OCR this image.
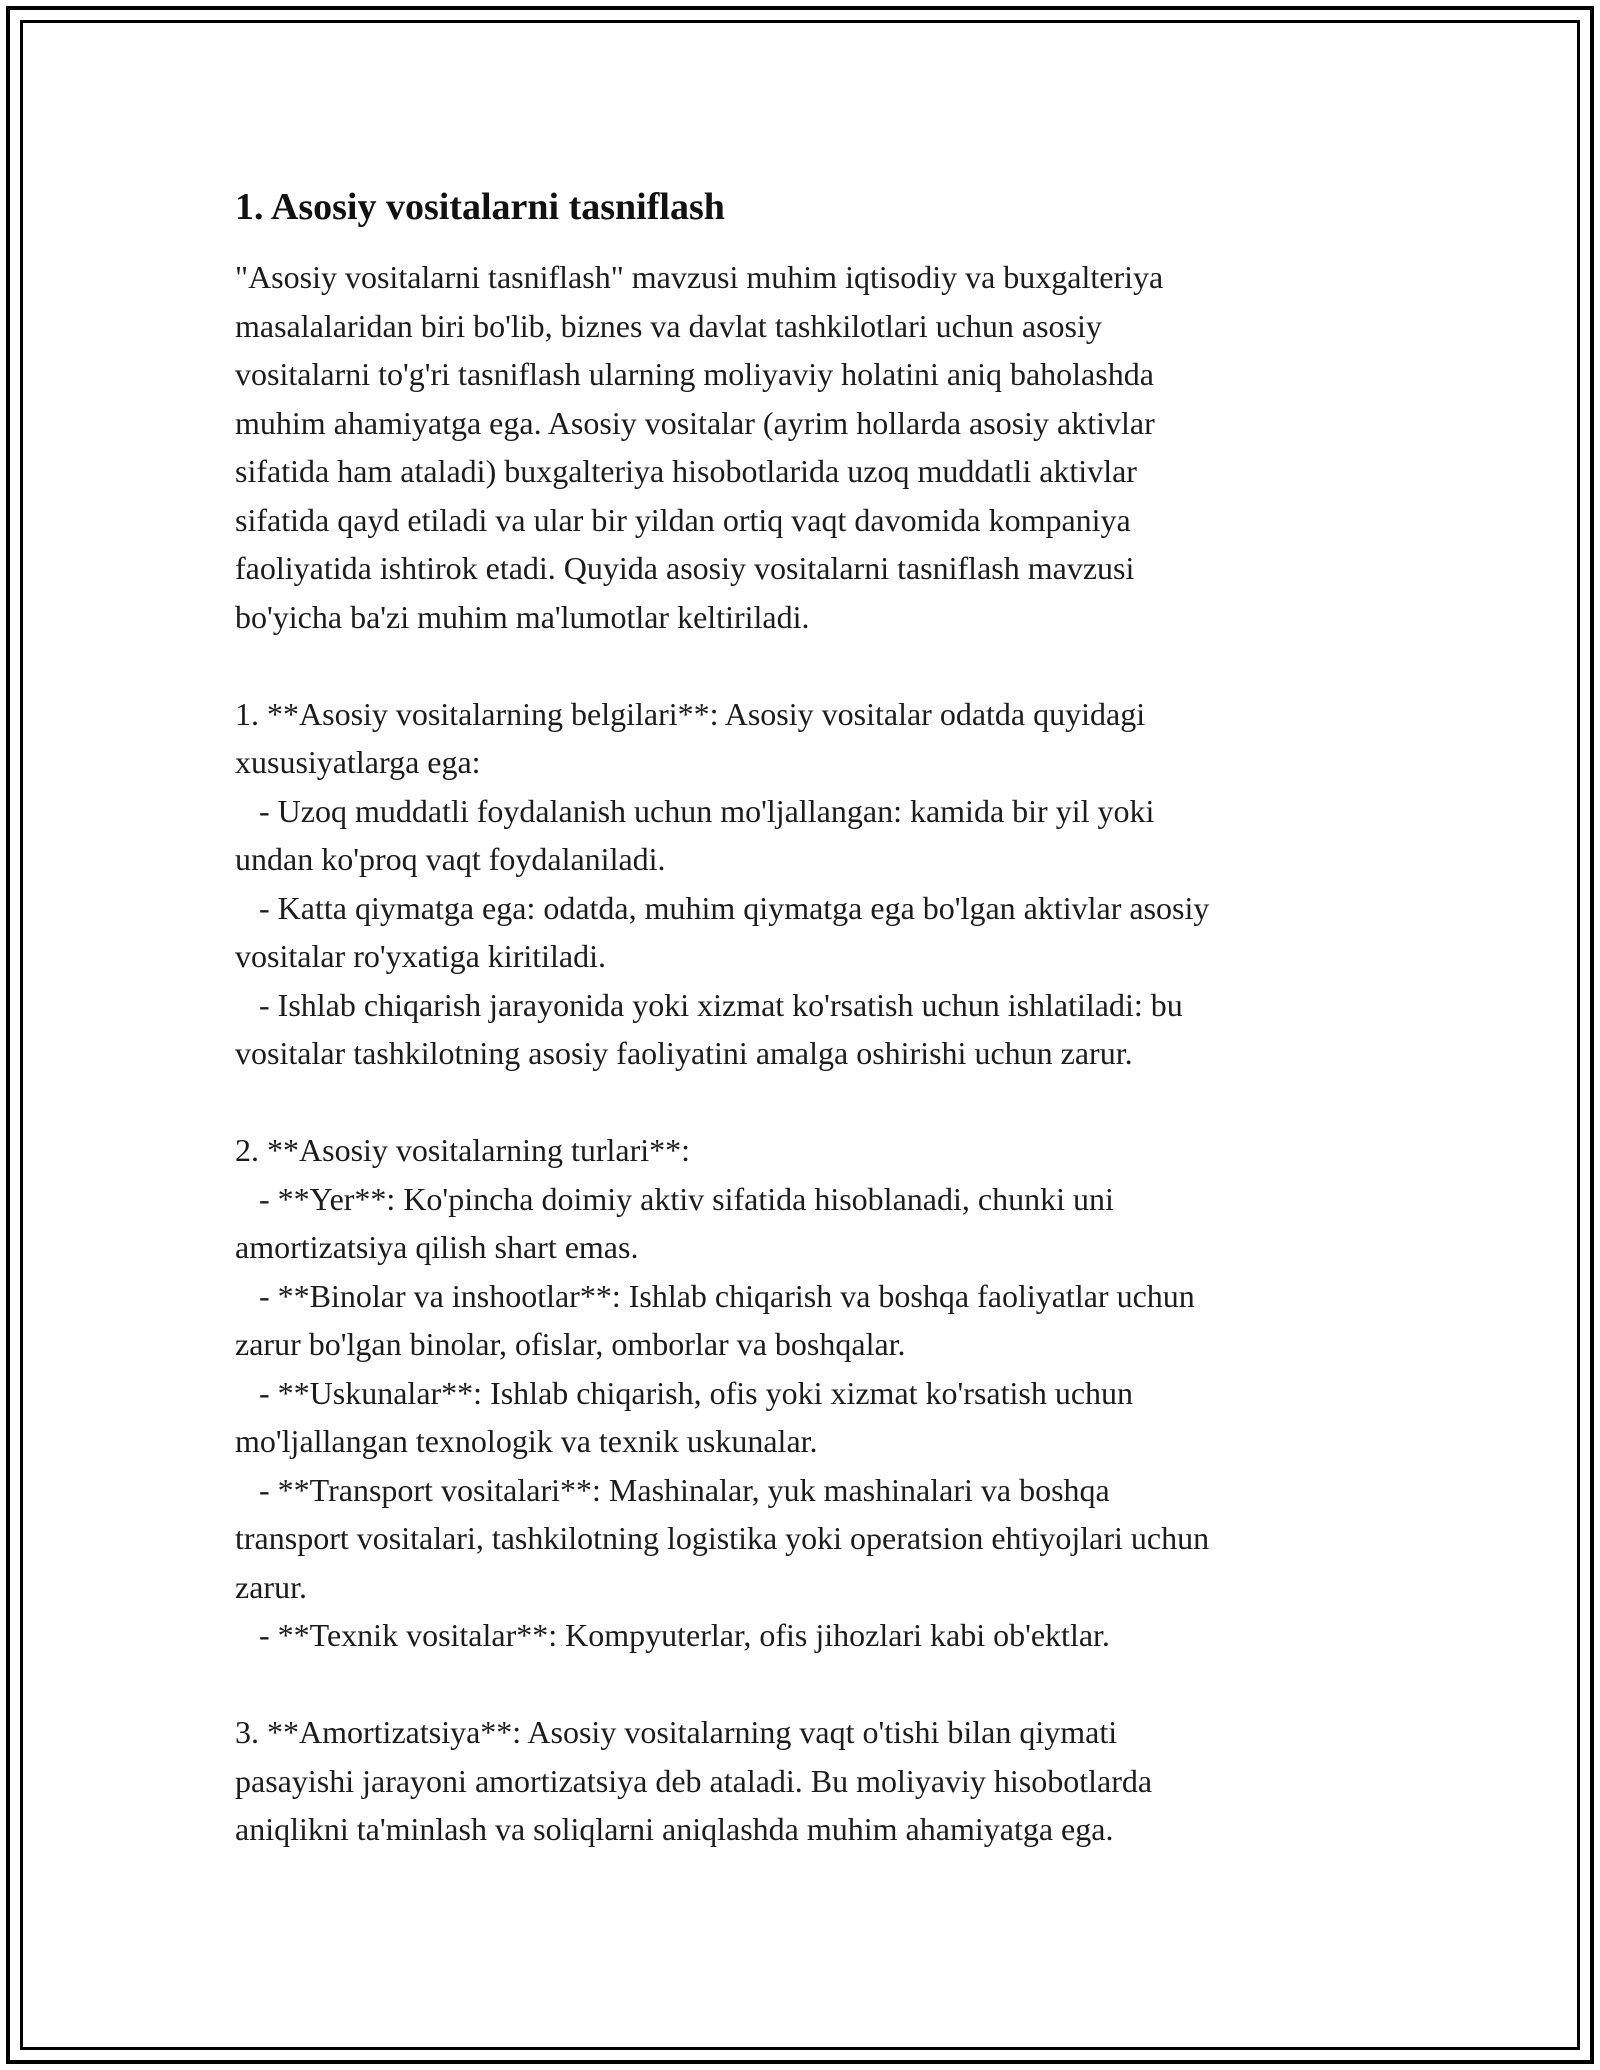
1. Asosiy vositalarni tasniflash

"Asosiy vositalarni tasniflash" mavzusi muhim iqtisodiy va buxgalteriya
masalalaridan biri bo'lib, biznes va davlat tashkilotlari uchun asosiy
vositalarni to'g'ri tasniflash ularning moliyaviy holatini aniq baholashda
muhim ahamiyatga ega. Asosiy vositalar (ayrim hollarda asosiy aktivlar
sifatida ham ataladi) buxgalteriya hisobotlarida uzoq muddatli aktivlar
sifatida qayd etiladi va ular bir yildan ortiq vaqt davomida kompaniya
faoliyatida ishtirok etadi. Quyida asosiy vositalarni tasniflash mavzusi
bo'yicha ba'zi muhim ma'lumotlar keltiriladi.

1. **Asosiy vositalarning belgilari**: Asosiy vositalar odatda quyidagi
xususiyatlarga ega:
- Uzoq muddatli foydalanish uchun mo'ljallangan: kamida bir yil yoki
undan ko'proq vaqt foydalaniladi.
- Katta qiymatga ega: odatda, muhim qiymatga ega bo'lgan aktivlar asosiy
vositalar ro'yxatiga kiritiladi.
- Ishlab chiqarish jarayonida yoki xizmat ko'rsatish uchun ishlatiladi: bu
vositalar tashkilotning asosiy faoliyatini amalga oshirishi uchun zarur.

2. **Asosiy vositalarning turlari**:
- **Yer**: Ko'pincha doimiy aktiv sifatida hisoblanadi, chunki uni
amortizatsiya qilish shart emas.
- **Binolar va inshootlar**: Ishlab chiqarish va boshqa faoliyatlar uchun
zarur bo'lgan binolar, ofislar, omborlar va boshqalar.
- **Uskunalar**: Ishlab chiqarish, ofis yoki xizmat ko'rsatish uchun
mo'ljallangan texnologik va texnik uskunalar.
- **Transport vositalari**: Mashinalar, yuk mashinalari va boshqa
transport vositalari, tashkilotning logistika yoki operatsion ehtiyojlari uchun
zarur.
- **Texnik vositalar**: Kompyuterlar, ofis jihozlari kabi ob'ektlar.

3. **Amortizatsiya**: Asosiy vositalarning vaqt o'tishi bilan qiymati
pasayishi jarayoni amortizatsiya deb ataladi. Bu moliyaviy hisobotlarda
aniqlikni ta'minlash va soliqlarni aniqlashda muhim ahamiyatga ega.
